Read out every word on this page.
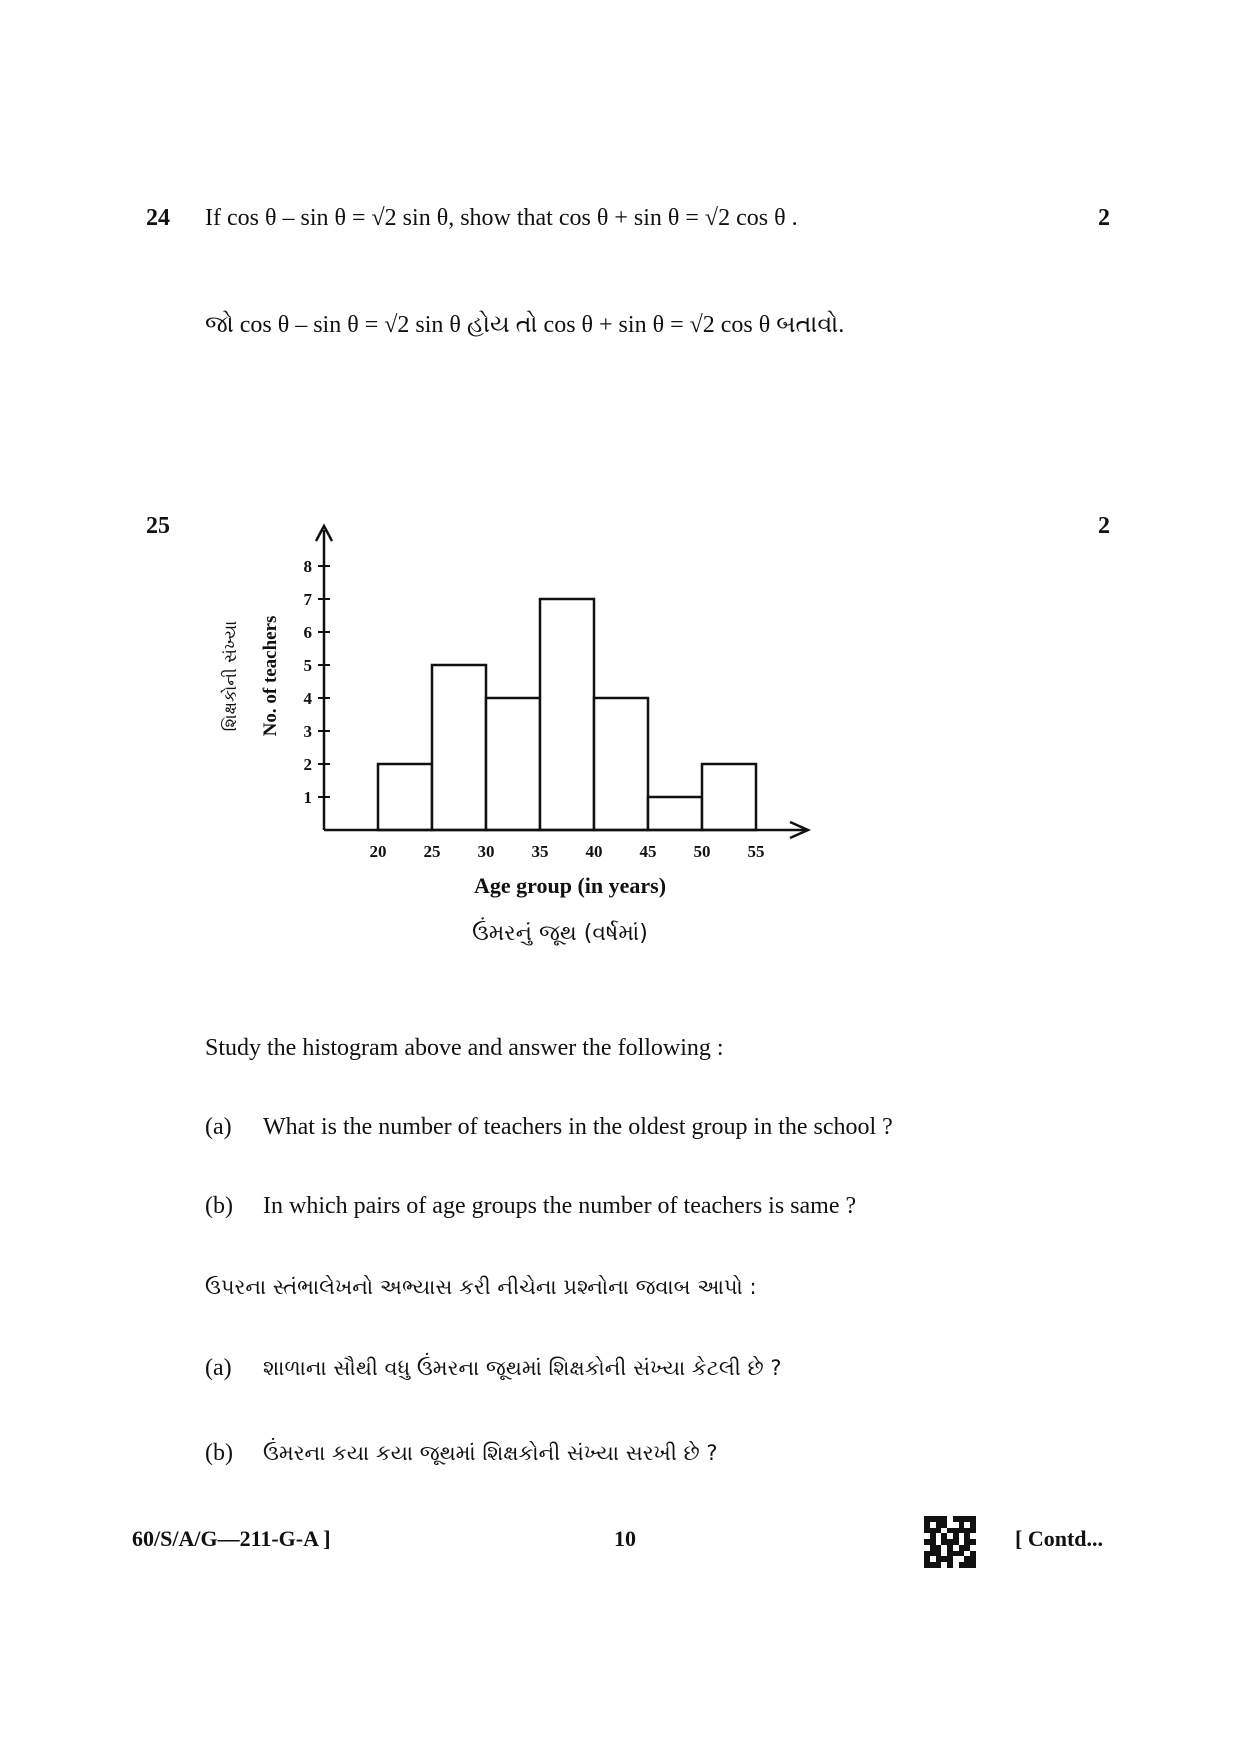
24 If cos θ – sin θ = √2 sin θ, show that cos θ + sin θ = √2 cos θ .	2
જો cos θ – sin θ = √2 sin θ હોય તો cos θ + sin θ = √2 cos θ બતાવો.
25	2
1
2
3
4
5
6
7
8
20 25 30 35 40 45 50 55
No. of teachers
શિક્ષકોની સંખ્યા
Age group (in years)
ઉંમરનું જૂથ (વર્ષમાં)
Study the histogram above and answer the following :
(a) What is the number of teachers in the oldest group in the school ?
(b) In which pairs of age groups the number of teachers is same ?
ઉપરના સ્તંભાલેખનો અભ્યાસ કરી નીચેના પ્રશ્નોના જવાબ આપો :
(a) શાળાના સૌથી વધુ ઉંમરના જૂથમાં શિક્ષકોની સંખ્યા કેટલી છે ?
(b) ઉંમરના કયા કયા જૂથમાં શિક્ષકોની સંખ્યા સરખી છે ?
60/S/A/G—211-G-A ]	10	[ Contd...
